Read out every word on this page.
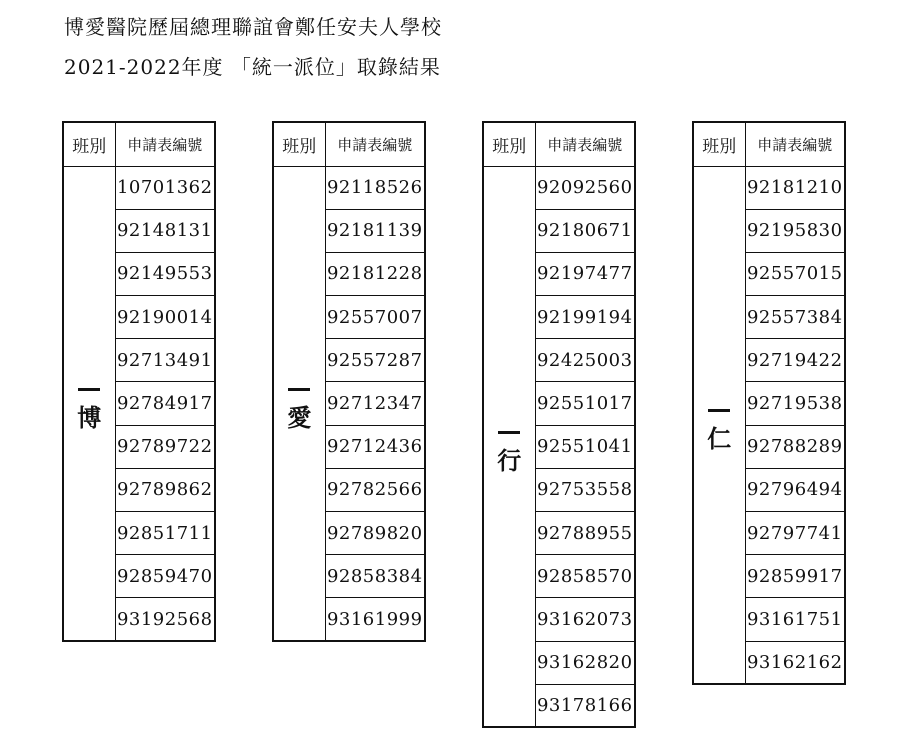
博愛醫院歷屆總理聯誼會鄭任安夫人學校
2021-2022年度 「統一派位」取錄結果
班別	申請表編號

博	10701362
	92148131
	92149553
	92190014
	92713491
	92784917
	92789722
	92789862
	92851711
	92859470
	93192568
班別	申請表編號

愛	92118526
	92181139
	92181228
	92557007
	92557287
	92712347
	92712436
	92782566
	92789820
	92858384
	93161999
班別	申請表編號

行	92092560
	92180671
	92197477
	92199194
	92425003
	92551017
	92551041
	92753558
	92788955
	92858570
	93162073
	93162820
	93178166
班別	申請表編號

仁	92181210
	92195830
	92557015
	92557384
	92719422
	92719538
	92788289
	92796494
	92797741
	92859917
	93161751
	93162162
